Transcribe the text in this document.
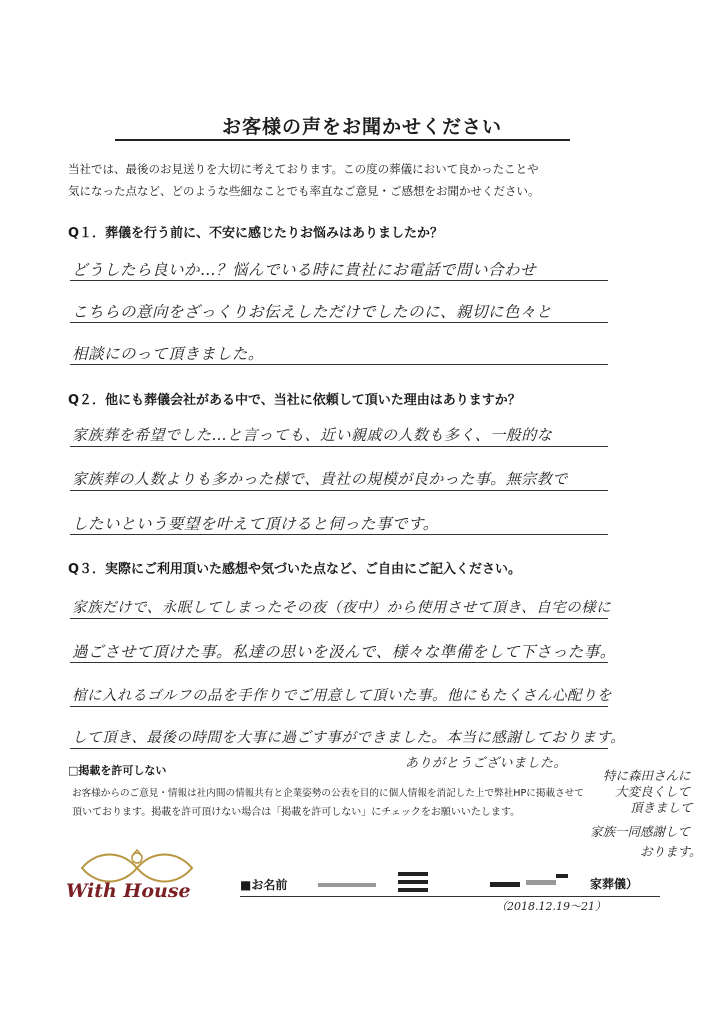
お客様の声をお聞かせください
当社では、最後のお見送りを大切に考えております。この度の葬儀において良かったことや
気になった点など、どのような些細なことでも率直なご意見・ご感想をお聞かせください。
Q１．葬儀を行う前に、不安に感じたりお悩みはありましたか？
どうしたら良いか…？悩んでいる時に貴社にお電話で問い合わせ
こちらの意向をざっくりお伝えしただけでしたのに、親切に色々と
相談にのって頂きました。
Q２．他にも葬儀会社がある中で、当社に依頼して頂いた理由はありますか？
家族葬を希望でした…と言っても、近い親戚の人数も多く、一般的な
家族葬の人数よりも多かった様で、貴社の規模が良かった事。無宗教で
したいという要望を叶えて頂けると伺った事です。
Q３．実際にご利用頂いた感想や気づいた点など、ご自由にご記入ください。
家族だけで、永眠してしまったその夜（夜中）から使用させて頂き、自宅の様に
過ごさせて頂けた事。私達の思いを汲んで、様々な準備をして下さった事。
棺に入れるゴルフの品を手作りでご用意して頂いた事。他にもたくさん心配りを
して頂き、最後の時間を大事に過ごす事ができました。本当に感謝しております。
ありがとうございました。
特に森田さんに
大変良くして
頂きまして
家族一同感謝して
おります。
□掲載を許可しない
お客様からのご意見・情報は社内間の情報共有と企業姿勢の公表を目的に個人情報を消記した上で弊社HPに掲載させて
頂いております。掲載を許可頂けない場合は「掲載を許可しない」にチェックをお願いいたします。
With House	■お名前	家葬儀）
（2018.12.19〜21）
